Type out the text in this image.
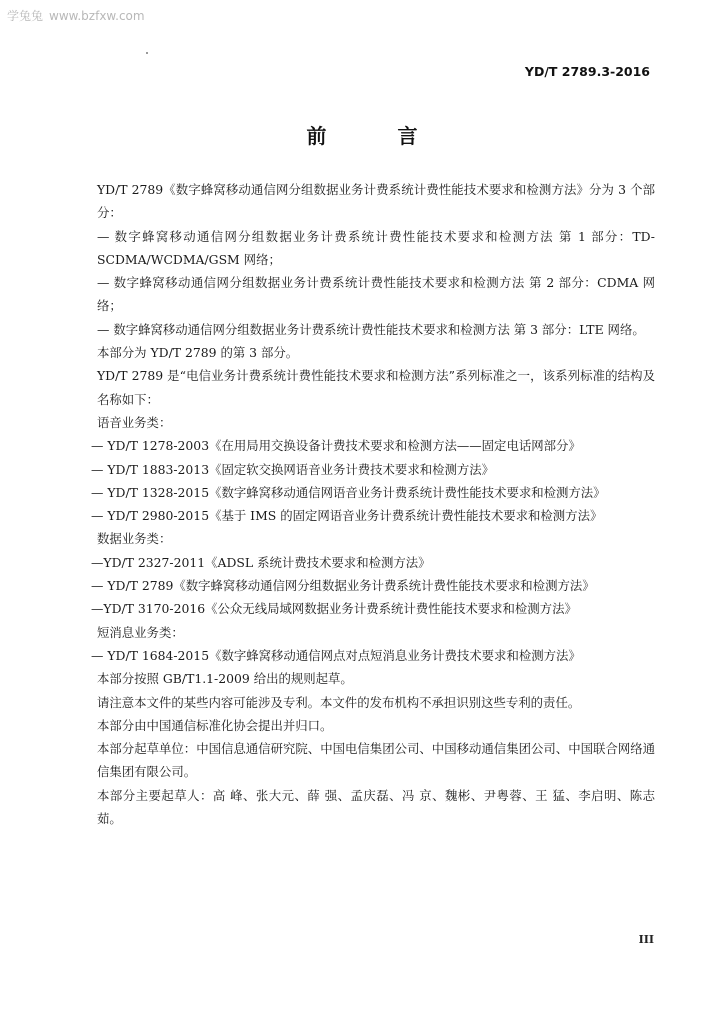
学兔兔 www.bzfxw.com
YD/T 2789.3-2016
前 言

YD/T 2789《数字蜂窝移动通信网分组数据业务计费系统计费性能技术要求和检测方法》分为 3 个部分：

— 数字蜂窝移动通信网分组数据业务计费系统计费性能技术要求和检测方法 第 1 部分：TD-SCDMA/WCDMA/GSM 网络；

— 数字蜂窝移动通信网分组数据业务计费系统计费性能技术要求和检测方法 第 2 部分：CDMA 网络；

— 数字蜂窝移动通信网分组数据业务计费系统计费性能技术要求和检测方法 第 3 部分：LTE 网络。

本部分为 YD/T 2789 的第 3 部分。

YD/T 2789 是“电信业务计费系统计费性能技术要求和检测方法”系列标准之一，该系列标准的结构及名称如下：

语音业务类：

— YD/T 1278-2003《在用局用交换设备计费技术要求和检测方法——固定电话网部分》

— YD/T 1883-2013《固定软交换网语音业务计费技术要求和检测方法》

— YD/T 1328-2015《数字蜂窝移动通信网语音业务计费系统计费性能技术要求和检测方法》

— YD/T 2980-2015《基于 IMS 的固定网语音业务计费系统计费性能技术要求和检测方法》

数据业务类：

—YD/T 2327-2011《ADSL 系统计费技术要求和检测方法》

— YD/T 2789《数字蜂窝移动通信网分组数据业务计费系统计费性能技术要求和检测方法》

—YD/T 3170-2016《公众无线局域网数据业务计费系统计费性能技术要求和检测方法》

短消息业务类：

— YD/T 1684-2015《数字蜂窝移动通信网点对点短消息业务计费技术要求和检测方法》

本部分按照 GB/T1.1-2009 给出的规则起草。

请注意本文件的某些内容可能涉及专利。本文件的发布机构不承担识别这些专利的责任。

本部分由中国通信标准化协会提出并归口。

本部分起草单位：中国信息通信研究院、中国电信集团公司、中国移动通信集团公司、中国联合网络通信集团有限公司。

本部分主要起草人：高 峰、张大元、薛 强、孟庆磊、冯 京、魏彬、尹粤蓉、王 猛、李启明、陈志茹。

III
